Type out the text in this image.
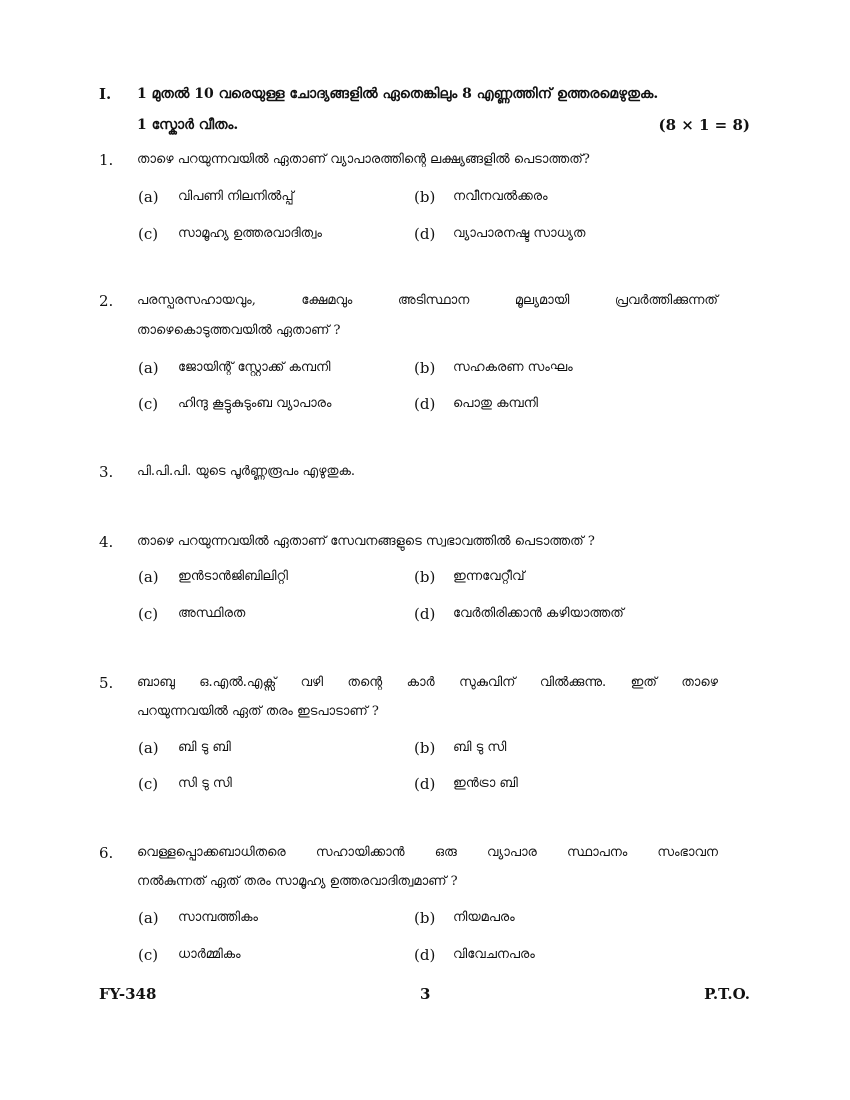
I. 1 മുതൽ 10 വരെയുള്ള ചോദ്യങ്ങളിൽ ഏതെങ്കിലും 8 എണ്ണത്തിന് ഉത്തരമെഴുതുക.
1 സ്കോർ വീതം.	(8 × 1 = 8)
1. താഴെ പറയുന്നവയിൽ ഏതാണ് വ്യാപാരത്തിന്റെ ലക്ഷ്യങ്ങളിൽ പെടാത്തത്?
(a) വിപണി നിലനിൽപ്പ്	(b) നവീനവൽക്കരം
(c) സാമൂഹ്യ ഉത്തരവാദിത്വം	(d) വ്യാപാരനഷ്ട സാധ്യത
2. പരസ്പരസഹായവും,	ക്ഷേമവും	അടിസ്ഥാന	മൂല്യമായി	പ്രവർത്തിക്കുന്നത്
താഴെകൊടുത്തവയിൽ ഏതാണ് ?
(a) ജോയിന്റ് സ്റ്റോക്ക് കമ്പനി	(b) സഹകരണ സംഘം
(c) ഹിന്ദു കൂട്ടുകുടുംബ വ്യാപാരം	(d) പൊതു കമ്പനി
3. പി.പി.പി. യുടെ പൂർണ്ണരൂപം എഴുതുക.
4. താഴെ പറയുന്നവയിൽ ഏതാണ് സേവനങ്ങളുടെ സ്വഭാവത്തിൽ പെടാത്തത് ?
(a) ഇൻടാൻജിബിലിറ്റി	(b) ഇന്നവേറ്റീവ്
(c) അസ്ഥിരത	(d) വേർതിരിക്കാൻ കഴിയാത്തത്
5. ബാബു ഒ.എൽ.എക്സ് വഴി തന്റെ കാർ സുകുവിന് വിൽക്കുന്നു. ഇത് താഴെ
പറയുന്നവയിൽ ഏത് തരം ഇടപാടാണ് ?
(a) ബി ടു ബി	(b) ബി ടു സി
(c) സി ടു സി	(d) ഇൻട്രാ ബി
6. വെള്ളപ്പൊക്കബാധിതരെ സഹായിക്കാൻ ഒരു വ്യാപാര സ്ഥാപനം സംഭാവന
നൽകുന്നത് ഏത് തരം സാമൂഹ്യ ഉത്തരവാദിത്വമാണ് ?
(a) സാമ്പത്തികം	(b) നിയമപരം
(c) ധാർമ്മികം	(d) വിവേചനപരം
FY-348	3	P.T.O.
